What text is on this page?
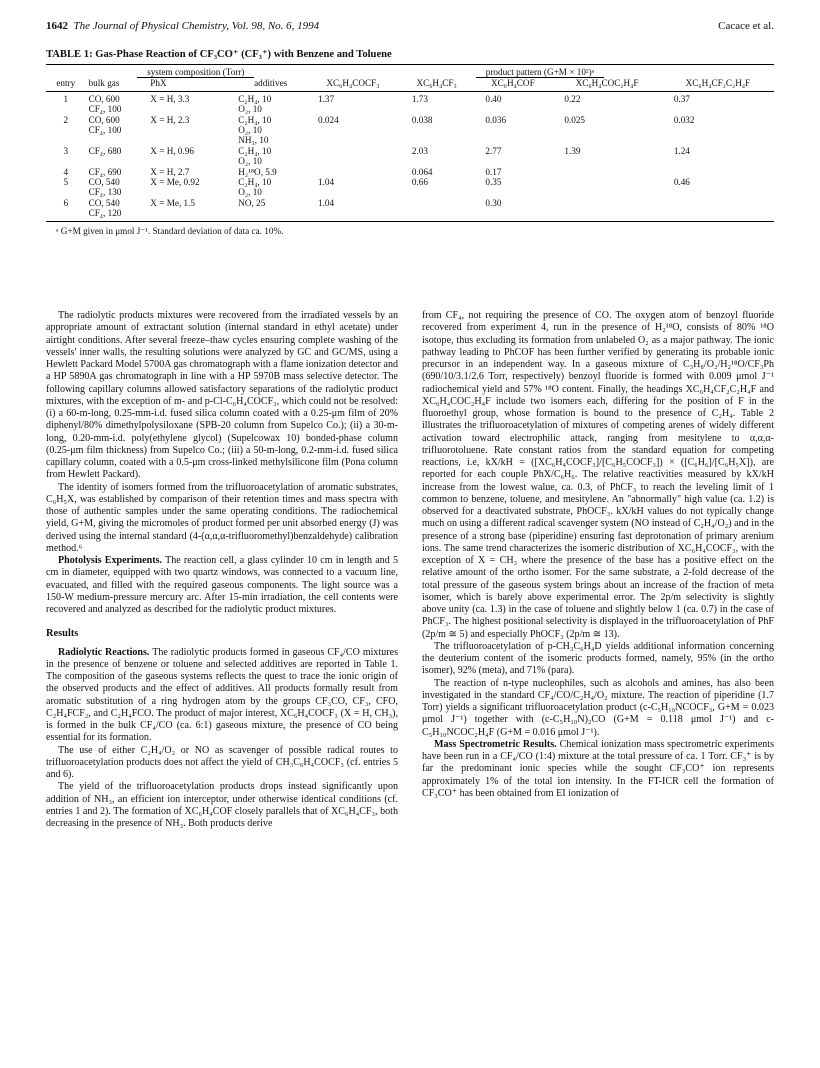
1642 The Journal of Physical Chemistry, Vol. 98, No. 6, 1994	Cacace et al.
TABLE 1: Gas-Phase Reaction of CF₃CO⁺ (CF₃⁺) with Benzene and Toluene
	system composition (Torr)			product pattern (G+M × 10²)ᵃ				
entry	bulk gas	PhX	additives	XC₆H₄COCF₃	XC₆H₄CF₃	XC₆H₄COF	XC₆H₄COC₂H₄F	XC₆H₄CF₂C₂H₄F
1	CO, 600
CF₄, 100	X = H, 3.3	C₂H₄, 10
O₂, 10	1.37	1.73	0.40	0.22	0.37
2	CO, 600
CF₄, 100	X = H, 2.3	C₂H₄, 10
O₂, 10
NH₃, 10	0.024	0.038	0.036	0.025	0.032
3	CF₄, 680	X = H, 0.96	C₂H₄, 10
O₂, 10		2.03	2.77	1.39	1.24
4	CF₄, 690	X = H, 2.7	H₂¹⁸O, 5.9		0.064	0.17		
5	CO, 540
CF₄, 130	X = Me, 0.92	C₂H₄, 10
O₂, 10	1.04	0.66	0.35		0.46
6	CO, 540
CF₄, 120	X = Me, 1.5	NO, 25	1.04		0.30		
ᵃ G+M given in μmol J⁻¹. Standard deviation of data ca. 10%.

The radiolytic products mixtures were recovered from the irradiated vessels by an appropriate amount of extractant solution (internal standard in ethyl acetate) under airtight conditions. After several freeze–thaw cycles ensuring complete washing of the vessels' inner walls, the resulting solutions were analyzed by GC and GC/MS, using a Hewlett Packard Model 5700A gas chromatograph with a flame ionization detector and a HP 5890A gas chromatograph in line with a HP 5970B mass selective detector. The following capillary columns allowed satisfactory separations of the radiolytic product mixtures, with the exception of m- and p-Cl-C₆H₄COCF₃, which could not be resolved: (i) a 60-m-long, 0.25-mm-i.d. fused silica column coated with a 0.25-μm film of 20% diphenyl/80% dimethylpolysiloxane (SPB-20 column from Supelco Co.); (ii) a 30-m-long, 0.20-mm-i.d. poly(ethylene glycol) (Supelcowax 10) bonded-phase column (0.25-μm film thickness) from Supelco Co.; (iii) a 50-m-long, 0.2-mm-i.d. fused silica capillary column, coated with a 0.5-μm cross-linked methylsilicone film (Pona column from Hewlett Packard).

The identity of isomers formed from the trifluoroacetylation of aromatic substrates, C₆H₅X, was established by comparison of their retention times and mass spectra with those of authentic samples under the same operating conditions. The radiochemical yield, G+M, giving the micromoles of product formed per unit absorbed energy (J) was derived using the internal standard (4-(α,α,α-trifluoromethyl)benzaldehyde) calibration method.⁶

Photolysis Experiments. The reaction cell, a glass cylinder 10 cm in length and 5 cm in diameter, equipped with two quartz windows, was connected to a vacuum line, evacuated, and filled with the required gaseous components. The light source was a 150-W medium-pressure mercury arc. After 15-min irradiation, the cell contents were recovered and analyzed as described for the radiolytic product mixtures.

Results

Radiolytic Reactions. The radiolytic products formed in gaseous CF₄/CO mixtures in the presence of benzene or toluene and selected additives are reported in Table 1. The composition of the gaseous systems reflects the quest to trace the ionic origin of the observed products and the effect of additives. All products formally result from aromatic substitution of a ring hydrogen atom by the groups CF₃CO, CF₃, CFO, C₂H₄FCF₂, and C₂H₄FCO. The product of major interest, XC₆H₄COCF₃ (X = H, CH₃), is formed in the bulk CF₄/CO (ca. 6:1) gaseous mixture, the presence of CO being essential for its formation.

The use of either C₂H₄/O₂ or NO as scavenger of possible radical routes to trifluoroacetylation products does not affect the yield of CH₃C₆H₄COCF₃ (cf. entries 5 and 6).

The yield of the trifluoroacetylation products drops instead significantly upon addition of NH₃, an efficient ion interceptor, under otherwise identical conditions (cf. entries 1 and 2). The formation of XC₆H₄COF closely parallels that of XC₆H₄CF₃, both decreasing in the presence of NH₃. Both products derive

from CF₄, not requiring the presence of CO. The oxygen atom of benzoyl fluoride recovered from experiment 4, run in the presence of H₂¹⁸O, consists of 80% ¹⁸O isotope, thus excluding its formation from unlabeled O₂ as a major pathway. The ionic pathway leading to PhCOF has been further verified by generating its probable ionic precursor in an independent way. In a gaseous mixture of C₃H₈/O₂/H₂¹⁸O/CF₃Ph (690/10/3.1/2.6 Torr, respectively) benzoyl fluoride is formed with 0.009 μmol J⁻¹ radiochemical yield and 57% ¹⁸O content. Finally, the headings XC₆H₄CF₂C₂H₄F and XC₆H₄COC₂H₄F include two isomers each, differing for the position of F in the fluoroethyl group, whose formation is bound to the presence of C₂H₄. Table 2 illustrates the trifluoroacetylation of mixtures of competing arenes of widely different activation toward electrophilic attack, ranging from mesitylene to α,α,α-trifluorotoluene. Rate constant ratios from the standard equation for competing reactions, i.e, kX/kH = ([XC₆H₄COCF₃]/[C₆H₅COCF₃]) × ([C₆H₆]/[C₆H₅X]), are reported for each couple PhX/C₆H₆. The relative reactivities measured by kX/kH increase from the lowest walue, ca. 0.3, of PhCF₃ to reach the leveling limit of 1 common to benzene, toluene, and mesitylene. An "abnormally" high value (ca. 1.2) is observed for a deactivated substrate, PhOCF₃. kX/kH values do not typically change much on using a different radical scavenger system (NO instead of C₂H₄/O₂) and in the presence of a strong base (piperidine) ensuring fast deprotonation of primary arenium ions. The same trend characterizes the isomeric distribution of XC₆H₄COCF₃, with the exception of X = CH₃ where the presence of the base has a positive effect on the relative amount of the ortho isomer. For the same substrate, a 2-fold decrease of the total pressure of the gaseous system brings about an increase of the fraction of meta isomer, which is barely above experimental error. The 2p/m selectivity is slightly above unity (ca. 1.3) in the case of toluene and slightly below 1 (ca. 0.7) in the case of PhCF₃. The highest positional selectivity is displayed in the trifluoroacetylation of PhF (2p/m ≅ 5) and especially PhOCF₃ (2p/m ≅ 13).

The trifluoroacetylation of p-CH₃C₆H₄D yields additional information concerning the deuterium content of the isomeric products formed, namely, 95% (in the ortho isomer), 92% (meta), and 71% (para).

The reaction of n-type nucleophiles, such as alcohols and amines, has also been investigated in the standard CF₄/CO/C₂H₄/O₂ mixture. The reaction of piperidine (1.7 Torr) yields a significant trifluoroacetylation product (c-C₅H₁₀NCOCF₃, G+M = 0.023 μmol J⁻¹) together with (c-C₅H₁₀N)₂CO (G+M = 0.118 μmol J⁻¹) and c-C₅H₁₀NCOC₂H₄F (G+M = 0.016 μmol J⁻¹).

Mass Spectrometric Results. Chemical ionization mass spectrometric experiments have been run in a CF₄/CO (1:4) mixture at the total pressure of ca. 1 Torr. CF₃⁺ is by far the predominant ionic species while the sought CF₃CO⁺ ion represents approximately 1% of the total ion intensity. In the FT-ICR cell the formation of CF₃CO⁺ has been obtained from EI ionization of
